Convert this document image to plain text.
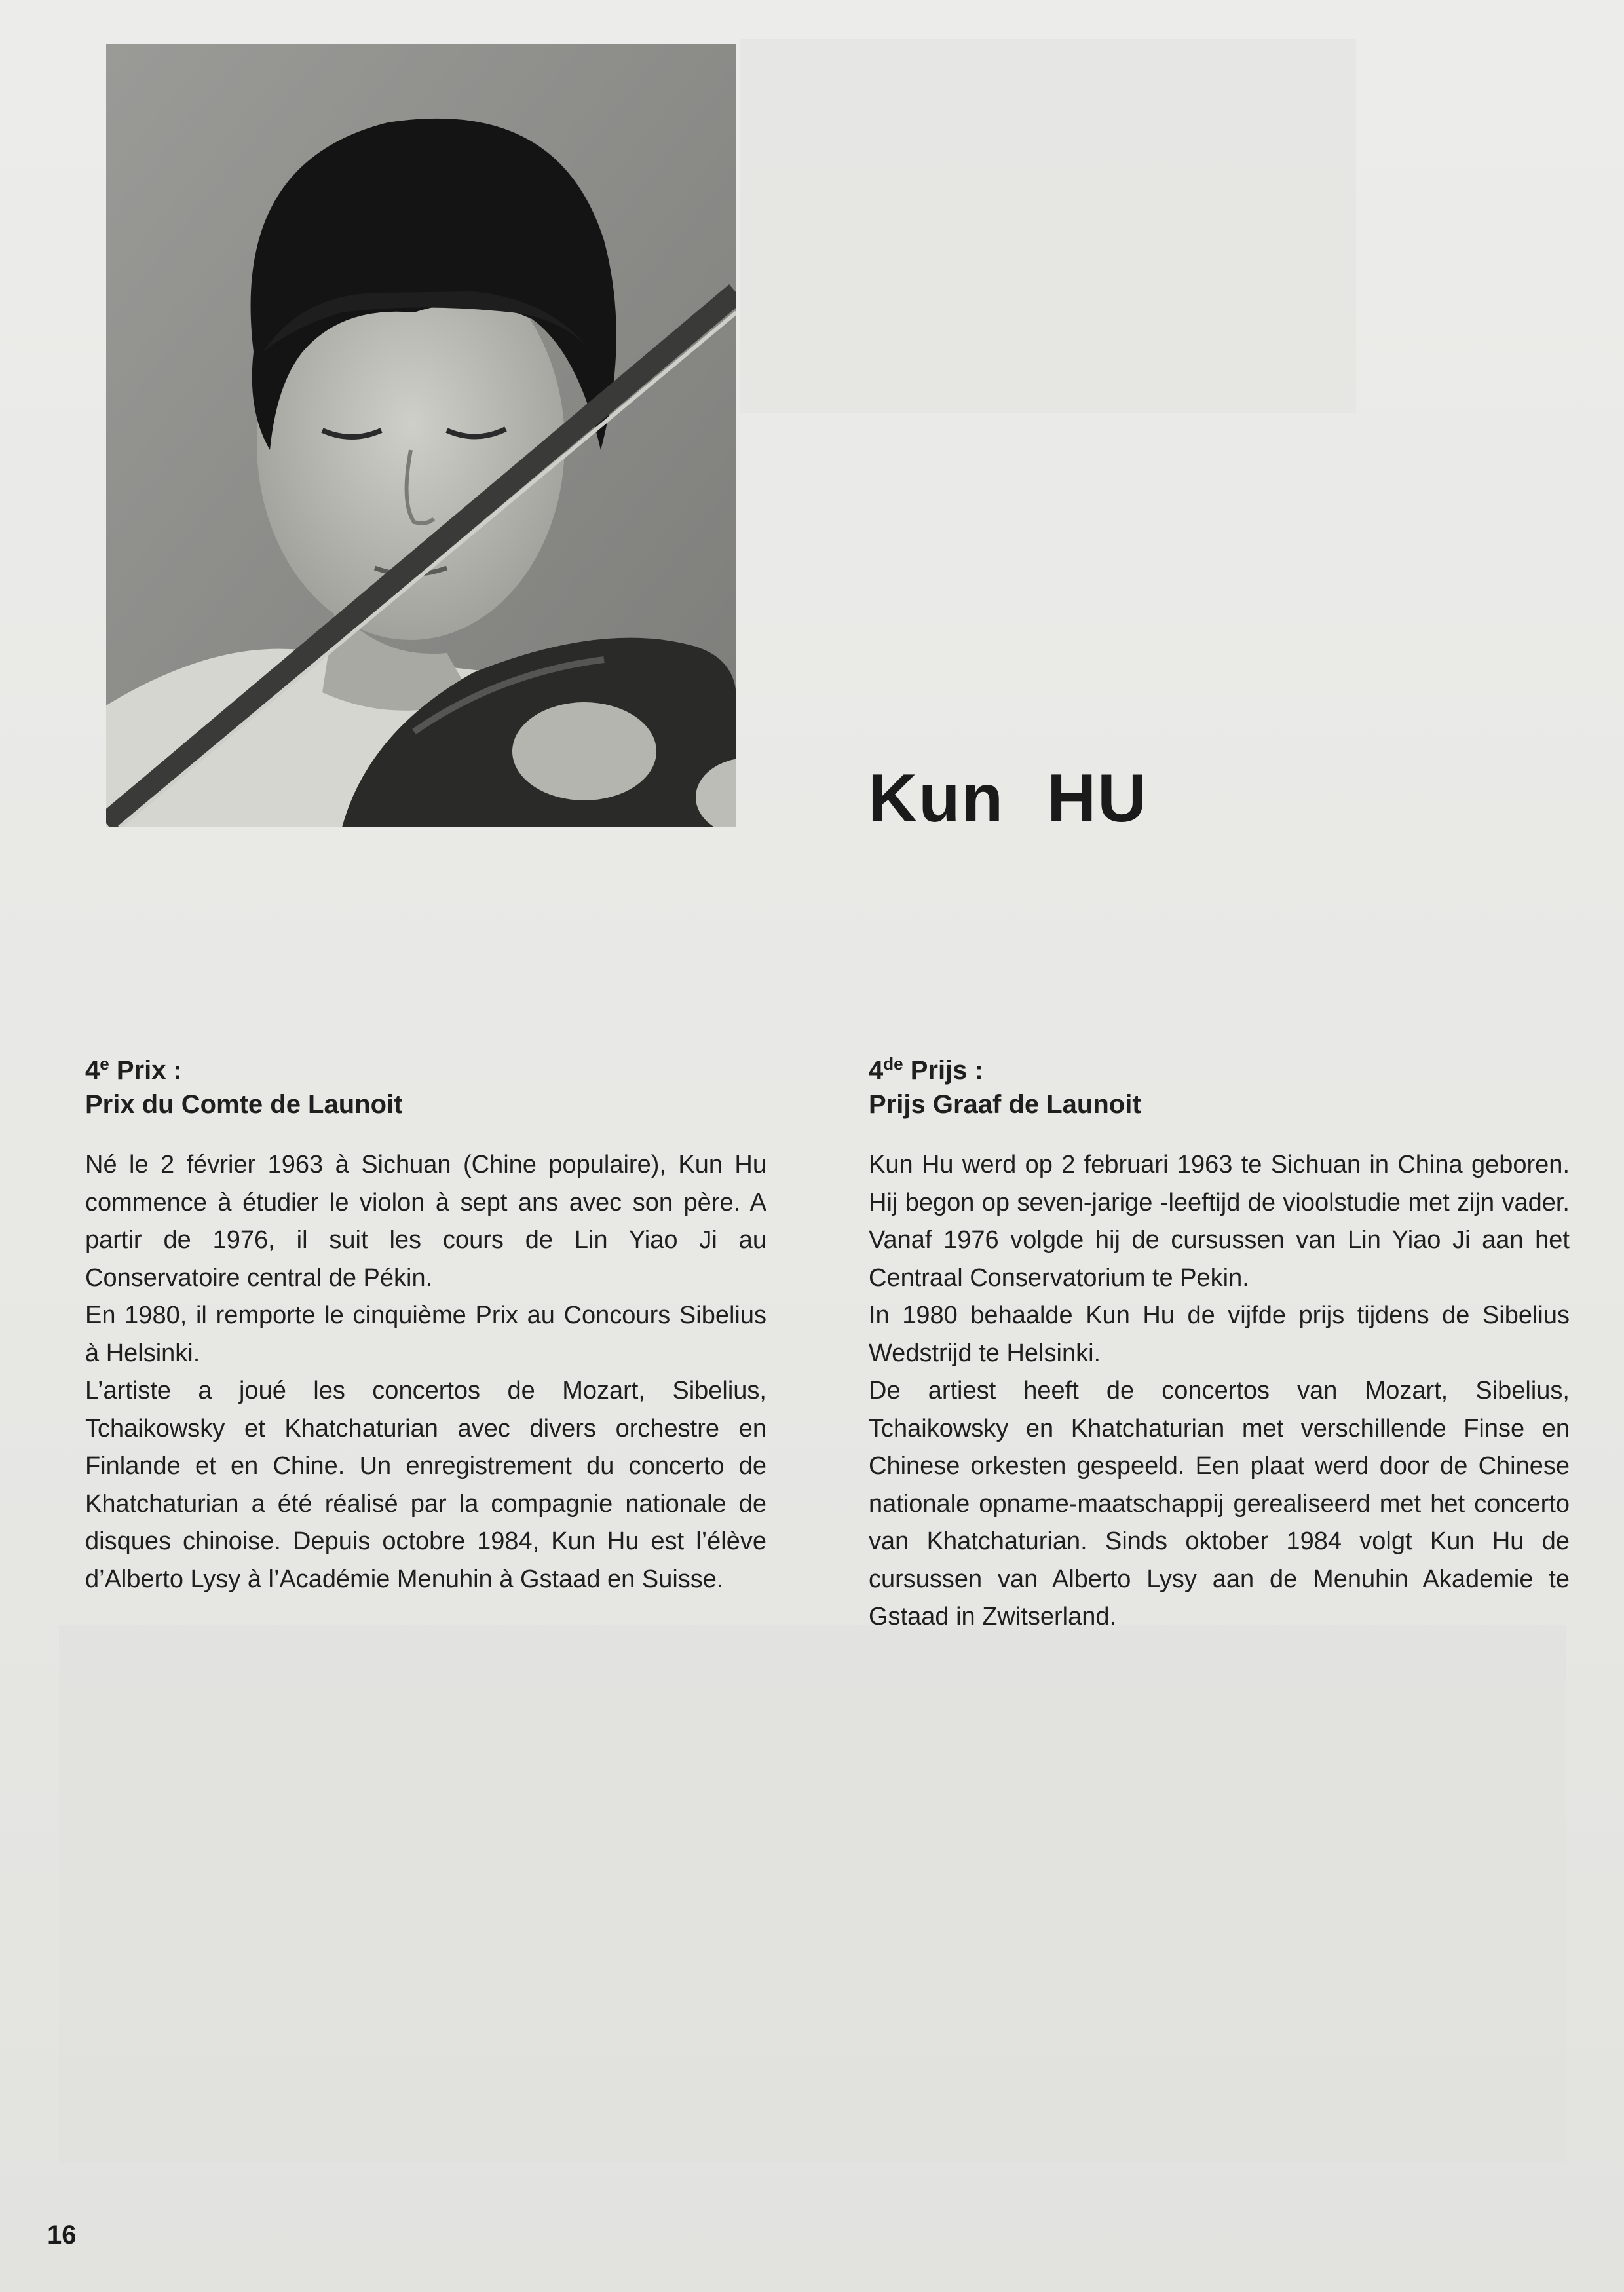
Kun HU
4e Prix :
Prix du Comte de Launoit

Né le 2 février 1963 à Sichuan (Chine populaire), Kun Hu commence à étudier le violon à sept ans avec son père. A partir de 1976, il suit les cours de Lin Yiao Ji au Conservatoire central de Pékin.

En 1980, il remporte le cinquième Prix au Concours Sibelius à Helsinki.

L’artiste a joué les concertos de Mozart, Sibelius, Tchaikowsky et Khatchaturian avec divers orchestre en Finlande et en Chine. Un enregistrement du concerto de Khatchaturian a été réalisé par la compagnie nationale de disques chinoise. Depuis octobre 1984, Kun Hu est l’élève d’Alberto Lysy à l’Académie Menuhin à Gstaad en Suisse.

4de Prijs :
Prijs Graaf de Launoit

Kun Hu werd op 2 februari 1963 te Sichuan in China geboren. Hij begon op seven-jarige -leeftijd de vioolstudie met zijn vader. Vanaf 1976 volgde hij de cursussen van Lin Yiao Ji aan het Centraal Conservatorium te Pekin.

In 1980 behaalde Kun Hu de vijfde prijs tijdens de Sibelius Wedstrijd te Helsinki.

De artiest heeft de concertos van Mozart, Sibelius, Tchaikowsky en Khatchaturian met verschillende Finse en Chinese orkesten gespeeld. Een plaat werd door de Chinese nationale opname-maatschappij gerealiseerd met het concerto van Khatchaturian. Sinds oktober 1984 volgt Kun Hu de cursussen van Alberto Lysy aan de Menuhin Akademie te Gstaad in Zwitserland.

16
